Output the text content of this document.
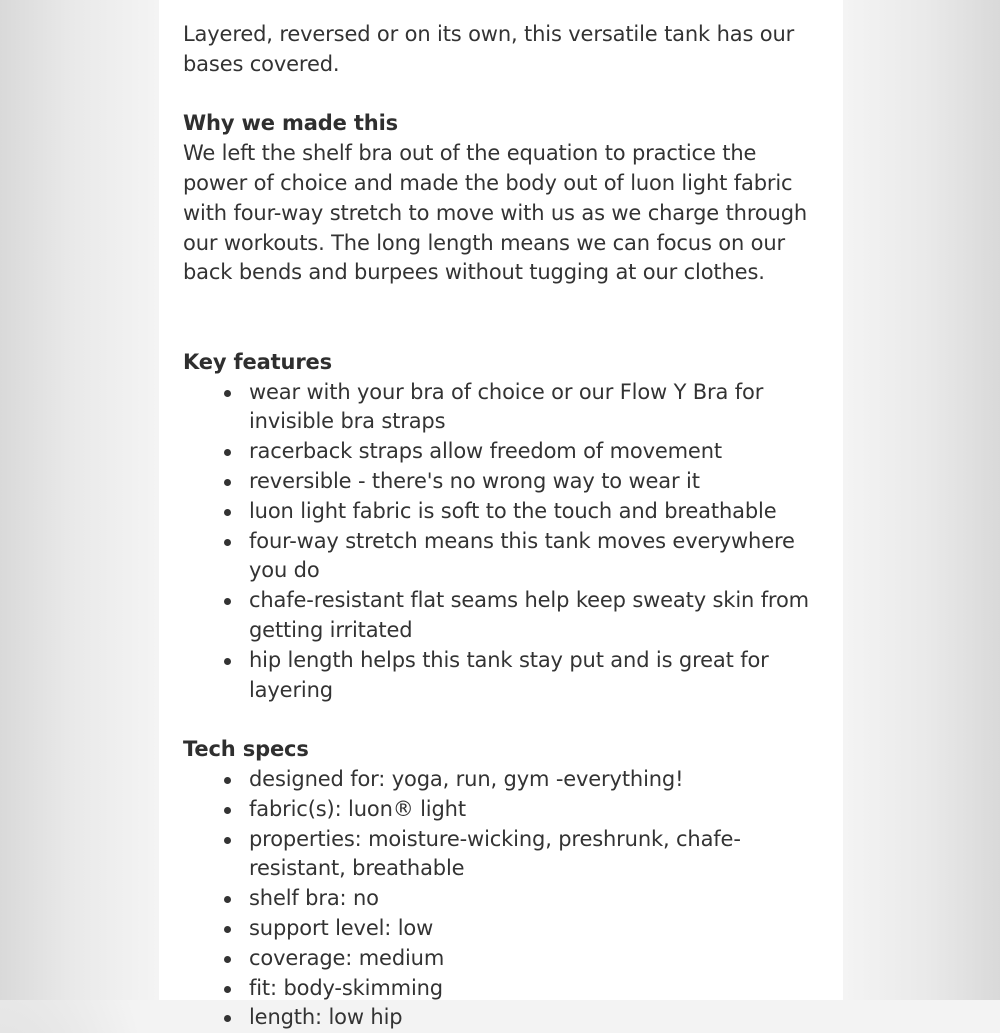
Layered, reversed or on its own, this versatile tank has our bases covered.

Why we made this

We left the shelf bra out of the equation to practice the power of choice and made the body out of luon light fabric with four-way stretch to move with us as we charge through our workouts. The long length means we can focus on our back bends and burpees without tugging at our clothes.

Key features
wear with your bra of choice or our Flow Y Bra for invisible bra straps
racerback straps allow freedom of movement
reversible - there's no wrong way to wear it
luon light fabric is soft to the touch and breathable
four-way stretch means this tank moves everywhere you do
chafe-resistant flat seams help keep sweaty skin from getting irritated
hip length helps this tank stay put and is great for layering
Tech specs
designed for: yoga, run, gym -everything!
fabric(s): luon® light
properties: moisture-wicking, preshrunk, chafe-resistant, breathable
shelf bra: no
support level: low
coverage: medium
fit: body-skimming
length: low hip
